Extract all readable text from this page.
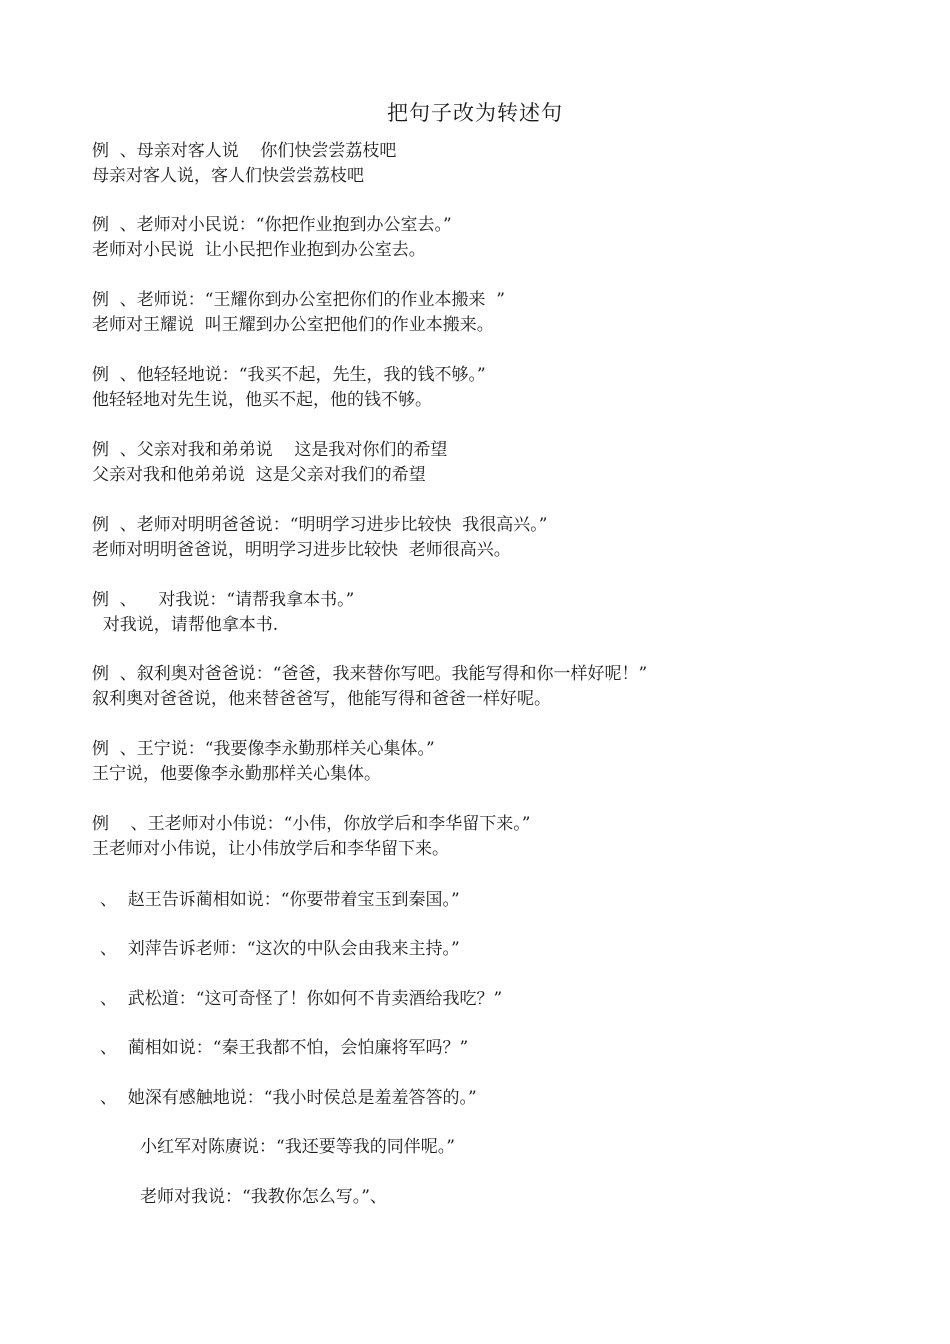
把句子改为转述句
例  、母亲对客人说    你们快尝尝荔枝吧
母亲对客人说，客人们快尝尝荔枝吧
例  、老师对小民说：“你把作业抱到办公室去。”
老师对小民说  让小民把作业抱到办公室去。
例  、老师说：“王耀你到办公室把你们的作业本搬来  ”
老师对王耀说  叫王耀到办公室把他们的作业本搬来。
例  、他轻轻地说：“我买不起，先生，我的钱不够。”
他轻轻地对先生说，他买不起，他的钱不够。
例  、父亲对我和弟弟说    这是我对你们的希望
父亲对我和他弟弟说  这是父亲对我们的希望
例  、老师对明明爸爸说：“明明学习进步比较快  我很高兴。”
老师对明明爸爸说，明明学习进步比较快  老师很高兴。
例  、    对我说：“请帮我拿本书。”
对我说，请帮他拿本书.
例  、叙利奥对爸爸说：“爸爸，我来替你写吧。我能写得和你一样好呢！”
叙利奥对爸爸说，他来替爸爸写，他能写得和爸爸一样好呢。
例  、王宁说：“我要像李永勤那样关心集体。”
王宁说，他要像李永勤那样关心集体。
例    、王老师对小伟说：“小伟，你放学后和李华留下来。”
王老师对小伟说，让小伟放学后和李华留下来。
、  赵王告诉蔺相如说：“你要带着宝玉到秦国。”
、  刘萍告诉老师：“这次的中队会由我来主持。”
、  武松道：“这可奇怪了！你如何不肯卖酒给我吃？”
、  蔺相如说：“秦王我都不怕，会怕廉将军吗？”
、  她深有感触地说：“我小时侯总是羞羞答答的。”
小红军对陈赓说：“我还要等我的同伴呢。”
老师对我说：“我教你怎么写。”、
